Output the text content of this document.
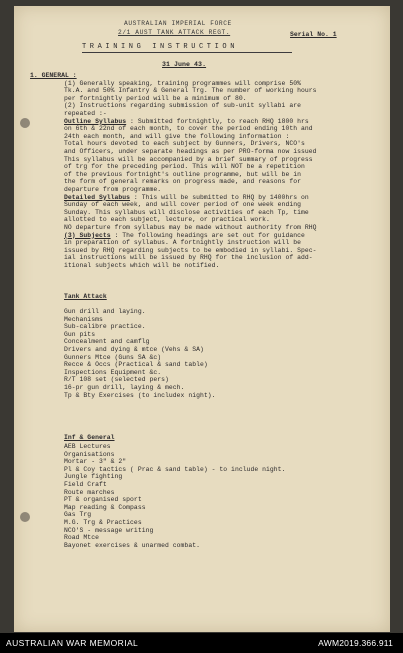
AUSTRALIAN IMPERIAL FORCE
2/1 AUST TANK ATTACK REGT.	Serial No. 1
TRAINING INSTRUCTION
31 June 43.
1. GENERAL :
(1) Generally speaking, training programmes will comprise 50%
Tk.A. and 50% Infantry & General Trg. The number of working hours
per fortnightly period will be a minimum of 80.
(2) Instructions regarding submission of sub-unit syllabi are
repeated :-
Outline Syllabus : Submitted fortnightly, to reach RHQ 1800 hrs
on 6th & 22nd of each month, to cover the period ending 10th and
24th each month, and will give the following information :
Total hours devoted to each subject by Gunners, Drivers, NCO's
and Officers, under separate headings as per PRO-forma now issued
This syllabus will be accompanied by a brief summary of progress
of trg for the preceding period. This will NOT be a repetition
of the previous fortnight's outline programme, but will be in
the form of general remarks on progress made, and reasons for
departure from programme.
Detailed Syllabus : This will be submitted to RHQ by 1400hrs on
Sunday of each week, and will cover period of one week ending
Sunday. This syllabus will disclose activities of each Tp, time
allotted to each subject, lecture, or practical work.
NO departure from syllabus may be made without authority from RHQ
(3) Subjects : The following headings are set out for guidance
in preparation of syllabus. A fortnightly instruction will be
issued by RHQ regarding subjects to be embodied in syllabi. Spec-
ial instructions will be issued by RHQ for the inclusion of add-
itional subjects which will be notified.
Tank Attack
Gun drill and laying.
Mechanisms
Sub-calibre practice.
Gun pits
Concealment and camflg
Drivers and dying & mtce (Vehs & SA)
Gunners Mtce (Guns SA &c)
Recce & Occs (Practical & sand table)
Inspections Equipment &c.
R/T 108 set (selected pers)
16-pr gun drill, laying & mech.
Tp & Bty Exercises (to includex night).
Inf & General
AEB Lectures
Organisations
Mortar - 3" & 2"
Pl & Coy tactics ( Prac & sand table) - to include night.
Jungle fighting
Field Craft
Route marches
PT & organised sport
Map reading & Compass
Gas Trg
M.G. Trg & Practices
NCO'S - message writing
Road Mtce
Bayonet exercises & unarmed combat.
AUSTRALIAN WAR MEMORIAL	AWM2019.366.911
